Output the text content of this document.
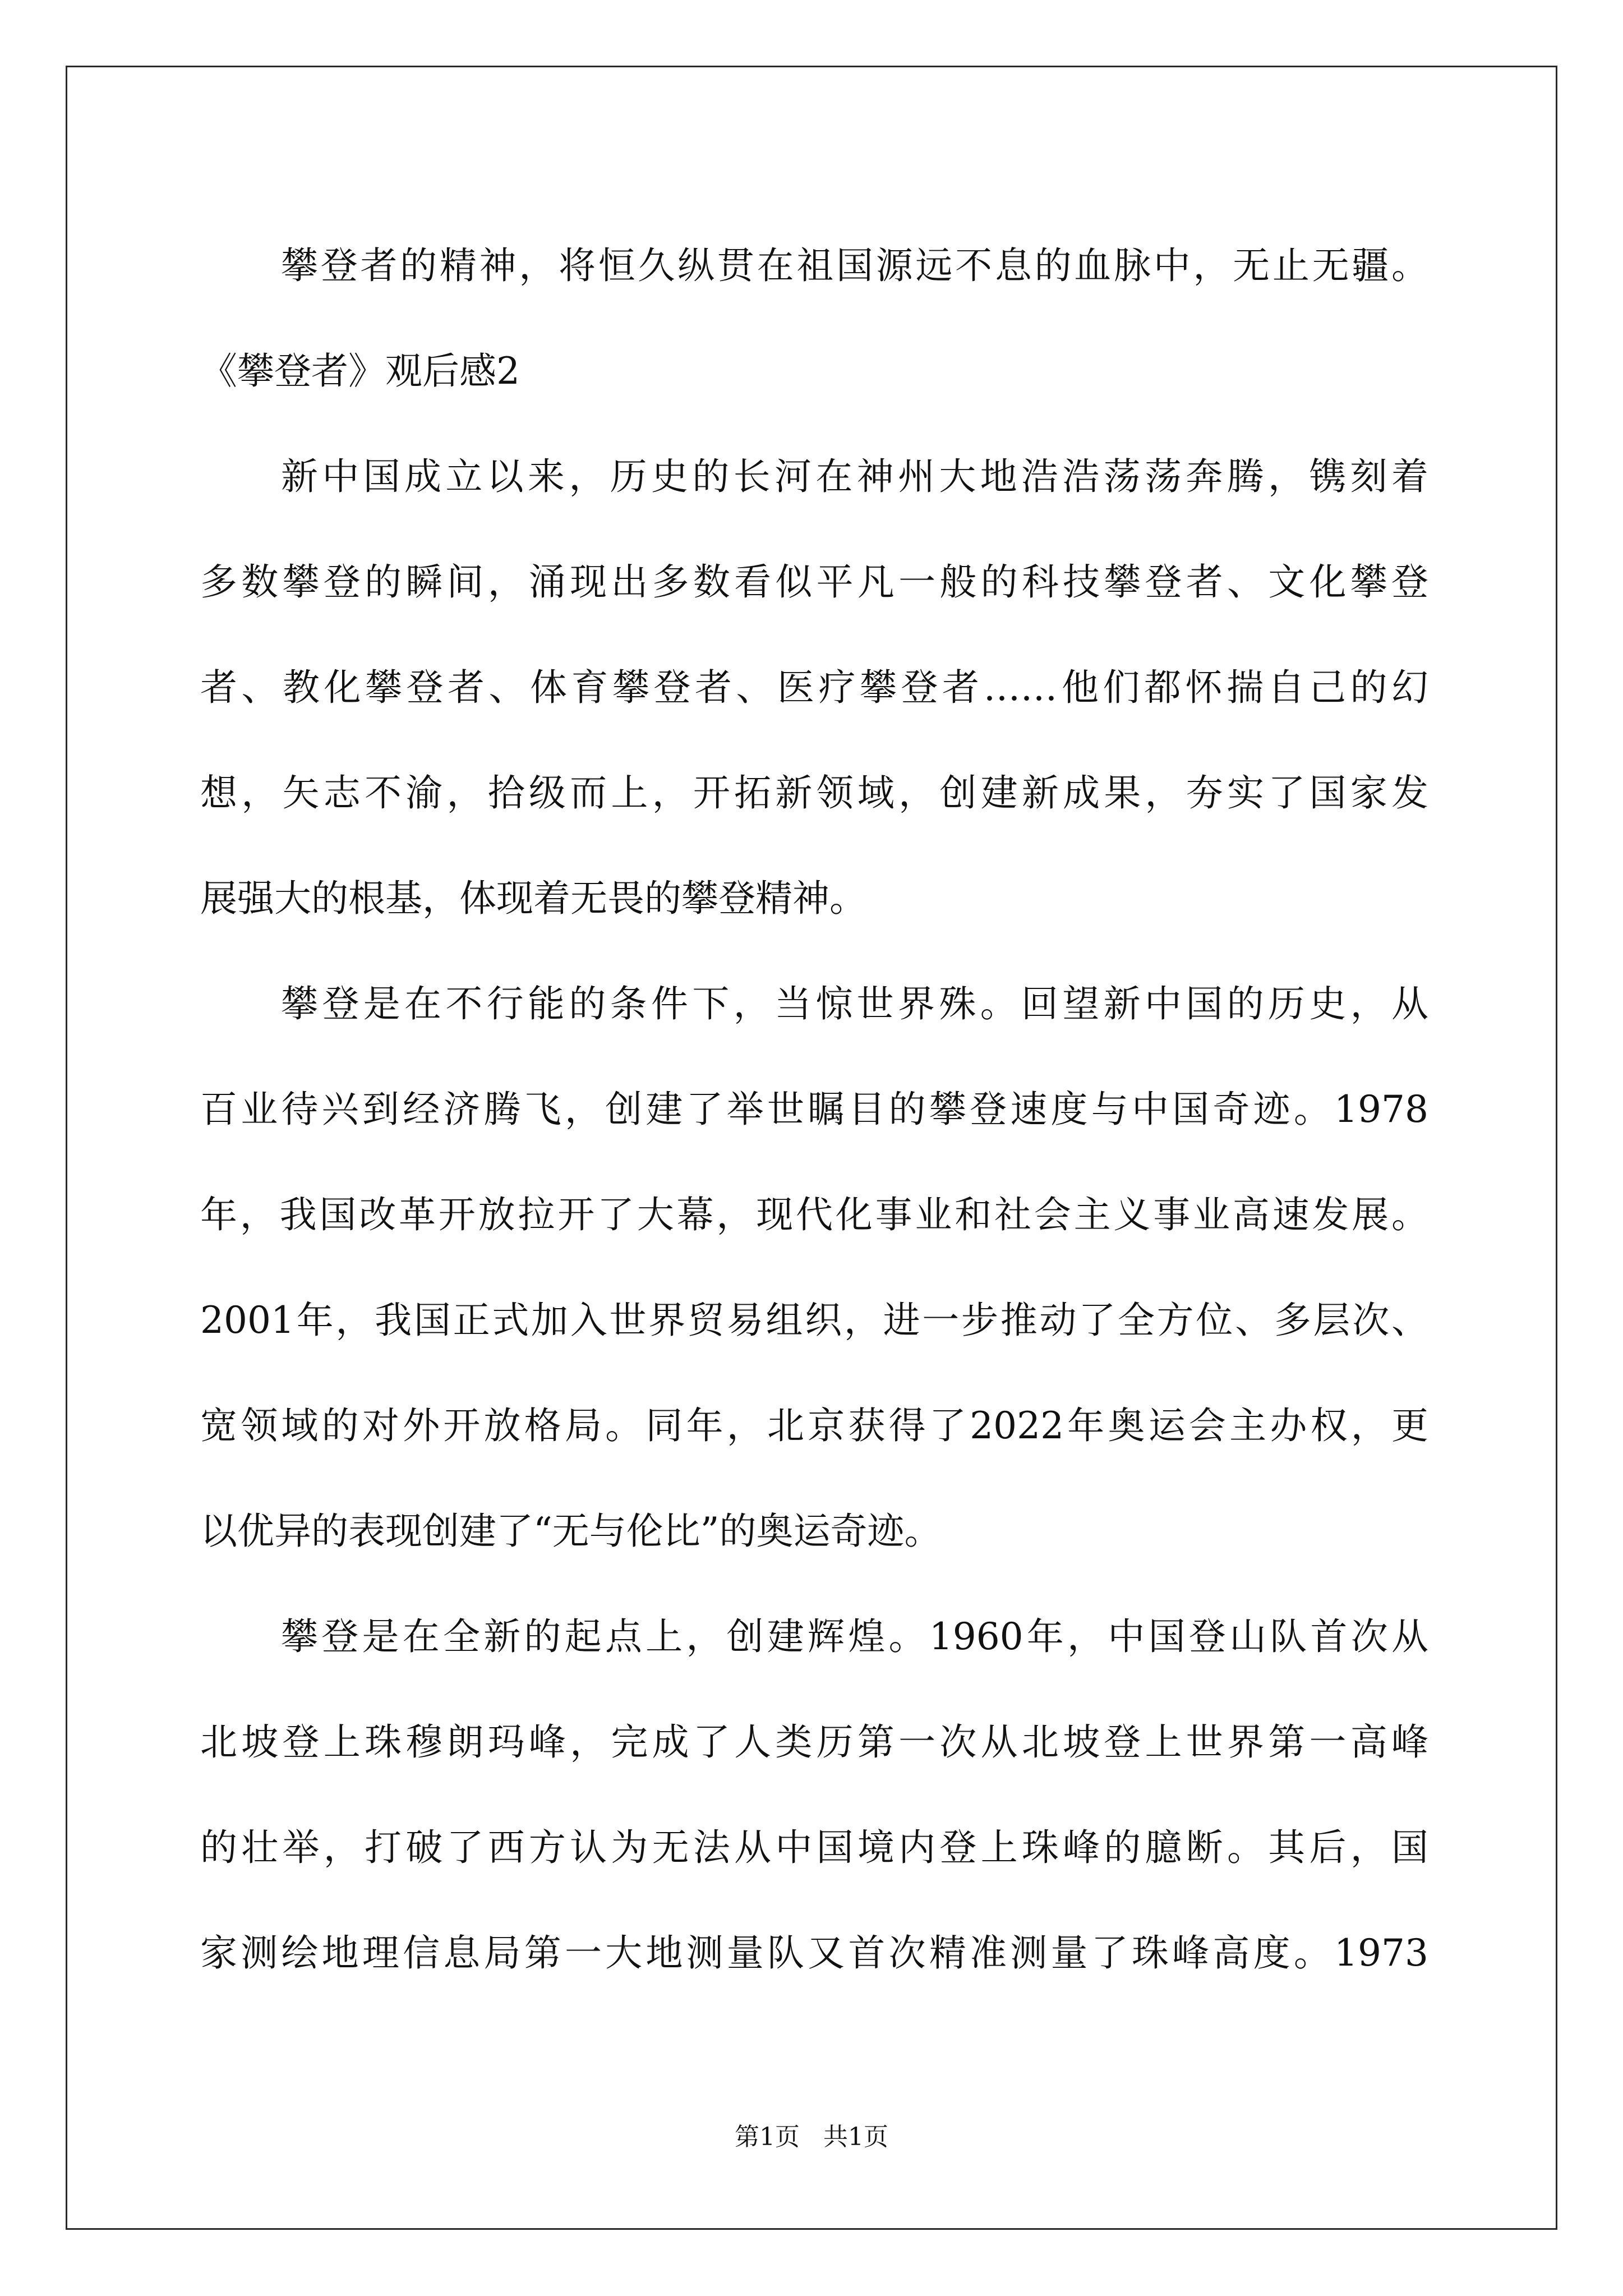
攀登者的精神，将恒久纵贯在祖国源远不息的血脉中，无止无疆。
《攀登者》观后感2
新中国成立以来，历史的长河在神州大地浩浩荡荡奔腾，镌刻着
多数攀登的瞬间，涌现出多数看似平凡一般的科技攀登者、文化攀登
者、教化攀登者、体育攀登者、医疗攀登者……他们都怀揣自己的幻
想，矢志不渝，拾级而上，开拓新领域，创建新成果，夯实了国家发
展强大的根基，体现着无畏的攀登精神。
攀登是在不行能的条件下，当惊世界殊。回望新中国的历史，从
百业待兴到经济腾飞，创建了举世瞩目的攀登速度与中国奇迹。1978
年，我国改革开放拉开了大幕，现代化事业和社会主义事业高速发展。
2001年，我国正式加入世界贸易组织，进一步推动了全方位、多层次、
宽领域的对外开放格局。同年，北京获得了2022年奥运会主办权，更
以优异的表现创建了“无与伦比”的奥运奇迹。
攀登是在全新的起点上，创建辉煌。1960年，中国登山队首次从
北坡登上珠穆朗玛峰，完成了人类历第一次从北坡登上世界第一高峰
的壮举，打破了西方认为无法从中国境内登上珠峰的臆断。其后，国
家测绘地理信息局第一大地测量队又首次精准测量了珠峰高度。1973
第1页   共1页
